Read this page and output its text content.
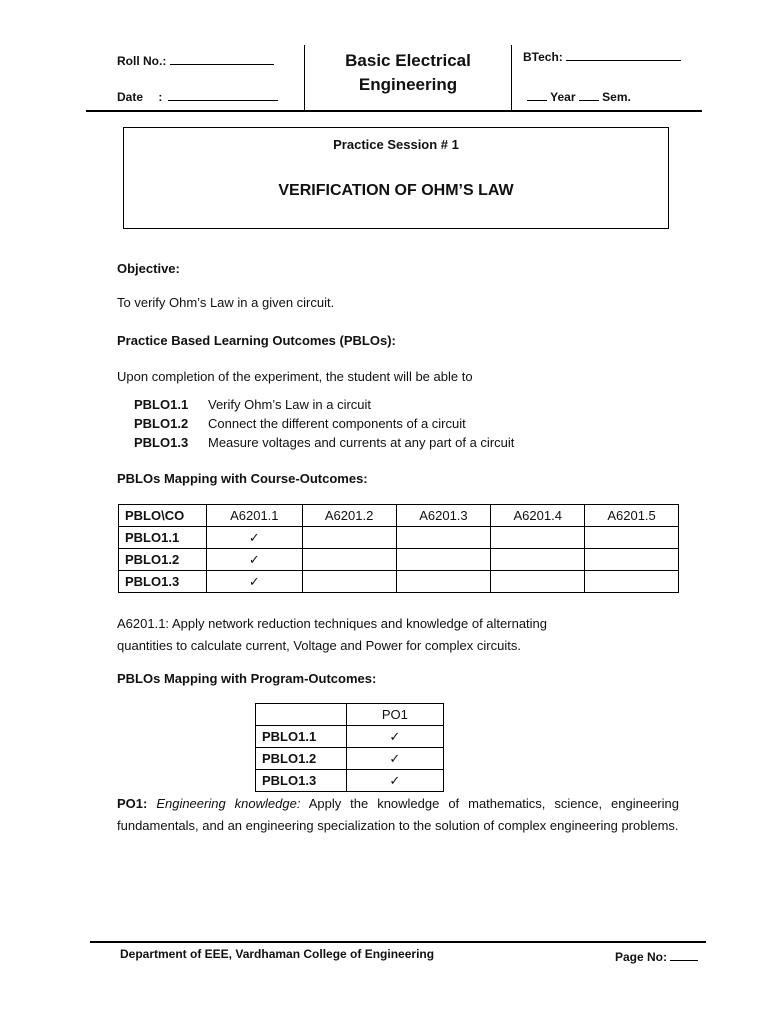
Roll No.:
Date :
Basic Electrical
Engineering
BTech:
Year Sem.
Practice Session # 1
VERIFICATION OF OHM’S LAW
Objective:
To verify Ohm’s Law in a given circuit.
Practice Based Learning Outcomes (PBLOs):
Upon completion of the experiment, the student will be able to
PBLO1.1 Verify Ohm’s Law in a circuit
PBLO1.2 Connect the different components of a circuit
PBLO1.3 Measure voltages and currents at any part of a circuit
PBLOs Mapping with Course-Outcomes:
PBLO\CO	A6201.1	A6201.2	A6201.3	A6201.4	A6201.5
PBLO1.1	✓				
PBLO1.2	✓				
PBLO1.3	✓				
A6201.1: Apply network reduction techniques and knowledge of alternating
quantities to calculate current, Voltage and Power for complex circuits.
PBLOs Mapping with Program-Outcomes:
	PO1
PBLO1.1	✓
PBLO1.2	✓
PBLO1.3	✓
PO1: Engineering knowledge: Apply the knowledge of mathematics, science, engineering fundamentals, and an engineering specialization to the solution of complex engineering problems.
Department of EEE, Vardhaman College of Engineering	Page No:
